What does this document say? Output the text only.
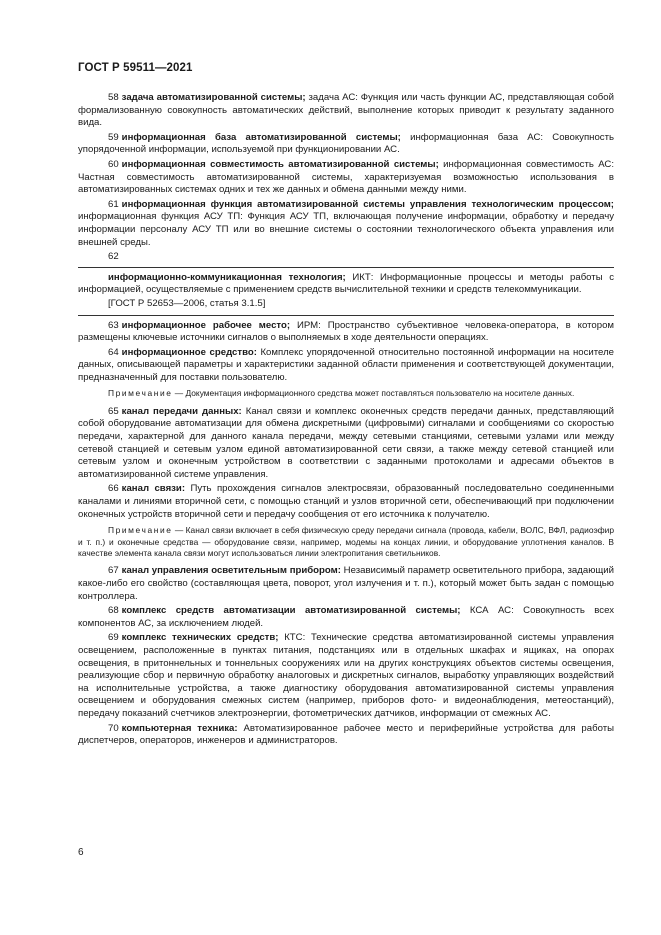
ГОСТ Р 59511—2021

58 задача автоматизированной системы; задача АС: Функция или часть функции АС, представляющая собой формализованную совокупность автоматических действий, выполнение которых приводит к результату заданного вида.

59 информационная база автоматизированной системы; информационная база АС: Совокупность упорядоченной информации, используемой при функционировании АС.

60 информационная совместимость автоматизированной системы; информационная совместимость АС: Частная совместимость автоматизированной системы, характеризуемая возможностью использования в автоматизированных системах одних и тех же данных и обмена данными между ними.

61 информационная функция автоматизированной системы управления технологическим процессом; информационная функция АСУ ТП: Функция АСУ ТП, включающая получение информации, обработку и передачу информации персоналу АСУ ТП или во внешние системы о состоянии технологического объекта управления или внешней среды.

62

информационно-коммуникационная технология; ИКТ: Информационные процессы и методы работы с информацией, осуществляемые с применением средств вычислительной техники и средств телекоммуникации.

[ГОСТ Р 52653—2006, статья 3.1.5]

63 информационное рабочее место; ИРМ: Пространство субъективное человека-оператора, в котором размещены ключевые источники сигналов о выполняемых в ходе деятельности операциях.

64 информационное средство: Комплекс упорядоченной относительно постоянной информации на носителе данных, описывающей параметры и характеристики заданной области применения и соответствующей документации, предназначенный для поставки пользователю.

Примечание — Документация информационного средства может поставляться пользователю на носителе данных.

65 канал передачи данных: Канал связи и комплекс оконечных средств передачи данных, представляющий собой оборудование автоматизации для обмена дискретными (цифровыми) сигналами и сообщениями со скоростью передачи, характерной для данного канала передачи, между сетевыми станциями, сетевыми узлами или между сетевой станцией и сетевым узлом единой автоматизированной сети связи, а также между сетевой станцией или сетевым узлом и оконечным устройством в соответствии с заданными протоколами и адресами объектов в автоматизированной системе управления.

66 канал связи: Путь прохождения сигналов электросвязи, образованный последовательно соединенными каналами и линиями вторичной сети, с помощью станций и узлов вторичной сети, обеспечивающий при подключении оконечных устройств вторичной сети и передачу сообщения от его источника к получателю.

Примечание — Канал связи включает в себя физическую среду передачи сигнала (провода, кабели, ВОЛС, ВФЛ, радиоэфир и т. п.) и оконечные средства — оборудование связи, например, модемы на концах линии, и оборудование уплотнения каналов. В качестве элемента канала связи могут использоваться линии электропитания светильников.

67 канал управления осветительным прибором: Независимый параметр осветительного прибора, задающий какое-либо его свойство (составляющая цвета, поворот, угол излучения и т. п.), который может быть задан с помощью контроллера.

68 комплекс средств автоматизации автоматизированной системы; КСА АС: Совокупность всех компонентов АС, за исключением людей.

69 комплекс технических средств; КТС: Технические средства автоматизированной системы управления освещением, расположенные в пунктах питания, подстанциях или в отдельных шкафах и ящиках, на опорах освещения, в притоннельных и тоннельных сооружениях или на других конструкциях объектов системы освещения, реализующие сбор и первичную обработку аналоговых и дискретных сигналов, выработку управляющих воздействий на исполнительные устройства, а также диагностику оборудования автоматизированной системы управления освещением и оборудования смежных систем (например, приборов фото- и видеонаблюдения, метеостанций), передачу показаний счетчиков электроэнергии, фотометрических датчиков, информации от смежных АС.

70 компьютерная техника: Автоматизированное рабочее место и периферийные устройства для работы диспетчеров, операторов, инженеров и администраторов.

6
